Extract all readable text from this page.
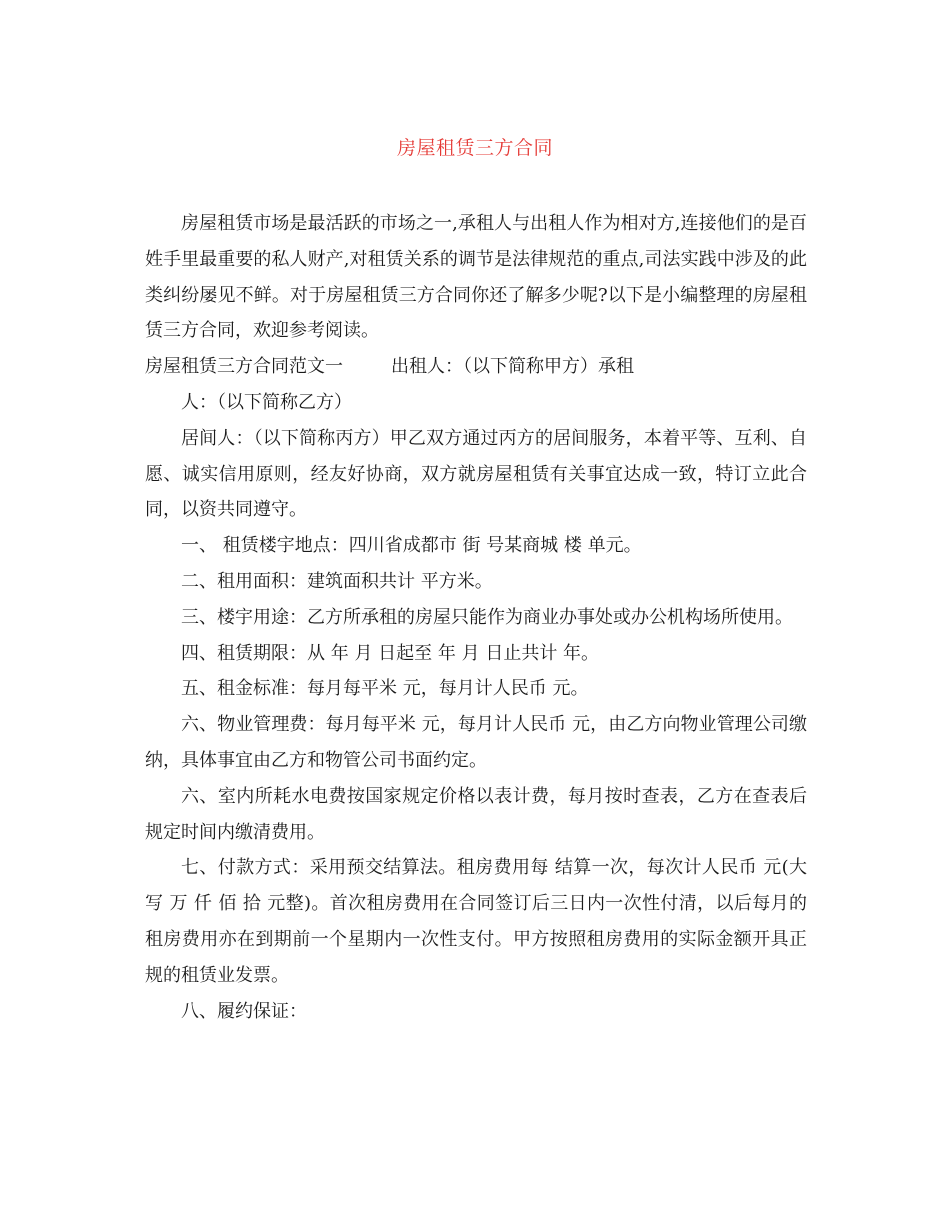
房屋租赁三方合同

房屋租赁市场是最活跃的市场之一,承租人与出租人作为相对方,连接他们的是百姓手里最重要的私人财产,对租赁关系的调节是法律规范的重点,司法实践中涉及的此类纠纷屡见不鲜。对于房屋租赁三方合同你还了解多少呢?以下是小编整理的房屋租赁三方合同，欢迎参考阅读。

房屋租赁三方合同范文一	出租人：（以下简称甲方）承租

人：（以下简称乙方）

居间人：（以下简称丙方）甲乙双方通过丙方的居间服务，本着平等、互利、自愿、诚实信用原则，经友好协商，双方就房屋租赁有关事宜达成一致，特订立此合同，以资共同遵守。

一、 租赁楼宇地点：四川省成都市 街 号某商城 楼 单元。

二、租用面积：建筑面积共计 平方米。

三、楼宇用途：乙方所承租的房屋只能作为商业办事处或办公机构场所使用。

四、租赁期限：从 年 月 日起至 年 月 日止共计 年。

五、租金标准：每月每平米 元，每月计人民币 元。

六、物业管理费：每月每平米 元，每月计人民币 元，由乙方向物业管理公司缴纳，具体事宜由乙方和物管公司书面约定。

六、室内所耗水电费按国家规定价格以表计费，每月按时查表，乙方在查表后规定时间内缴清费用。

七、付款方式：采用预交结算法。租房费用每 结算一次，每次计人民币 元(大写 万 仟 佰 拾 元整)。首次租房费用在合同签订后三日内一次性付清，以后每月的租房费用亦在到期前一个星期内一次性支付。甲方按照租房费用的实际金额开具正规的租赁业发票。

八、履约保证：
